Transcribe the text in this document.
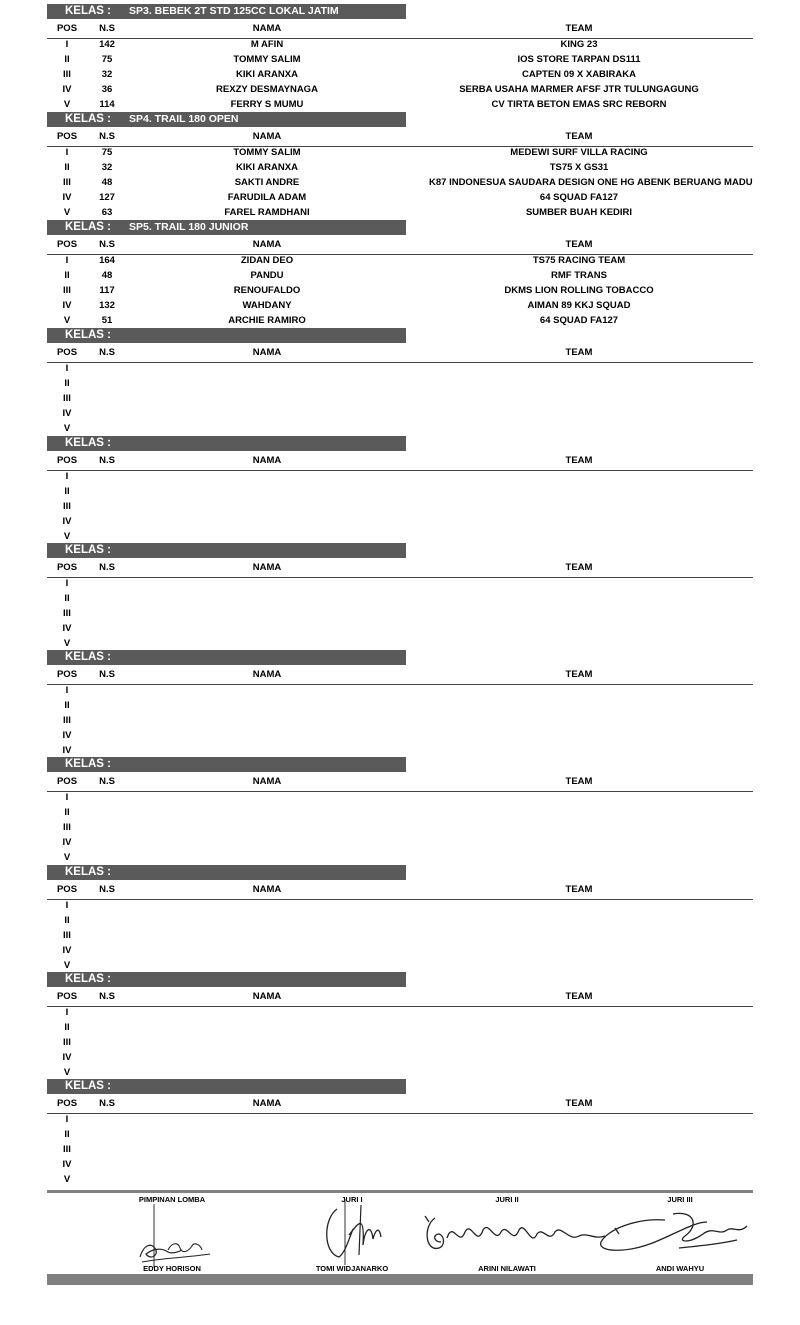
KELAS : SP3. BEBEK 2T STD 125CC LOKAL JATIM
POS	N.S	NAMA	TEAM
I	142	M AFIN	KING 23
II	75	TOMMY SALIM	IOS STORE TARPAN DS111
III	32	KIKI ARANXA	CAPTEN 09 X XABIRAKA
IV	36	REXZY DESMAYNAGA	SERBA USAHA MARMER AFSF JTR TULUNGAGUNG
V	114	FERRY S MUMU	CV TIRTA BETON EMAS SRC REBORN
KELAS : SP4. TRAIL 180 OPEN
POS	N.S	NAMA	TEAM
I	75	TOMMY SALIM	MEDEWI SURF VILLA RACING
II	32	KIKI ARANXA	TS75 X GS31
III	48	SAKTI ANDRE	K87 INDONESUA SAUDARA DESIGN ONE HG ABENK BERUANG MADU
IV	127	FARUDILA ADAM	64 SQUAD FA127
V	63	FAREL RAMDHANI	SUMBER BUAH KEDIRI
KELAS : SP5. TRAIL 180 JUNIOR
POS	N.S	NAMA	TEAM
I	164	ZIDAN DEO	TS75 RACING TEAM
II	48	PANDU	RMF TRANS
III	117	RENOUFALDO	DKMS LION ROLLING TOBACCO
IV	132	WAHDANY	AIMAN 89 KKJ SQUAD
V	51	ARCHIE RAMIRO	64 SQUAD FA127
KELAS :
POS	N.S	NAMA	TEAM
I
II
III
IV
V
KELAS :
POS	N.S	NAMA	TEAM
I
II
III
IV
V
KELAS :
POS	N.S	NAMA	TEAM
I
II
III
IV
V
KELAS :
POS	N.S	NAMA	TEAM
I
II
III
IV
IV
KELAS :
POS	N.S	NAMA	TEAM
I
II
III
IV
V
KELAS :
POS	N.S	NAMA	TEAM
I
II
III
IV
V
KELAS :
POS	N.S	NAMA	TEAM
I
II
III
IV
V
KELAS :
POS	N.S	NAMA	TEAM
I
II
III
IV
V
PIMPINAN LOMBA	JURI I	JURI II	JURI III
EDDY HORISON	TOMI WIDJANARKO	ARINI NILAWATI	ANDI WAHYU
